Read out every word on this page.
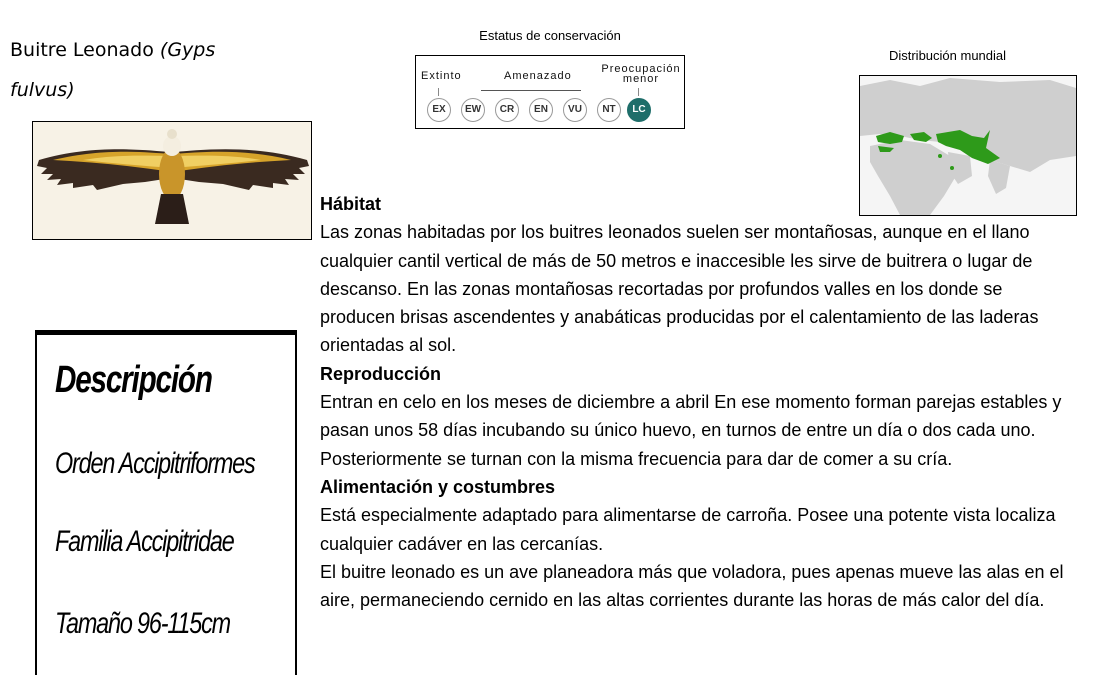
Buitre Leonado (Gyps fulvus)
Estatus de conservación
Extinto	Amenazado
Preocupación menor
EX	EW	CR	EN	VU	NT	LC
Distribución mundial
Descripción
Orden Accipitriformes
Familia Accipitridae
Tamaño 96-115cm

Hábitat

Las zonas habitadas por los buitres leonados suelen ser montañosas, aunque en el llano cualquier cantil vertical de más de 50 metros e inaccesible les sirve de buitrera o lugar de descanso. En las zonas montañosas recortadas por profundos valles en los donde se producen brisas ascendentes y anabáticas producidas por el calentamiento de las laderas orientadas al sol.

Reproducción

Entran en celo en los meses de diciembre a abril En ese momento forman parejas estables y pasan unos 58 días incubando su único huevo, en turnos de entre un día o dos cada uno. Posteriormente se turnan con la misma frecuencia para dar de comer a su cría.

Alimentación y costumbres

Está especialmente adaptado para alimentarse de carroña. Posee una potente vista localiza cualquier cadáver en las cercanías.

El buitre leonado es un ave planeadora más que voladora, pues apenas mueve las alas en el aire, permaneciendo cernido en las altas corrientes durante las horas de más calor del día.
